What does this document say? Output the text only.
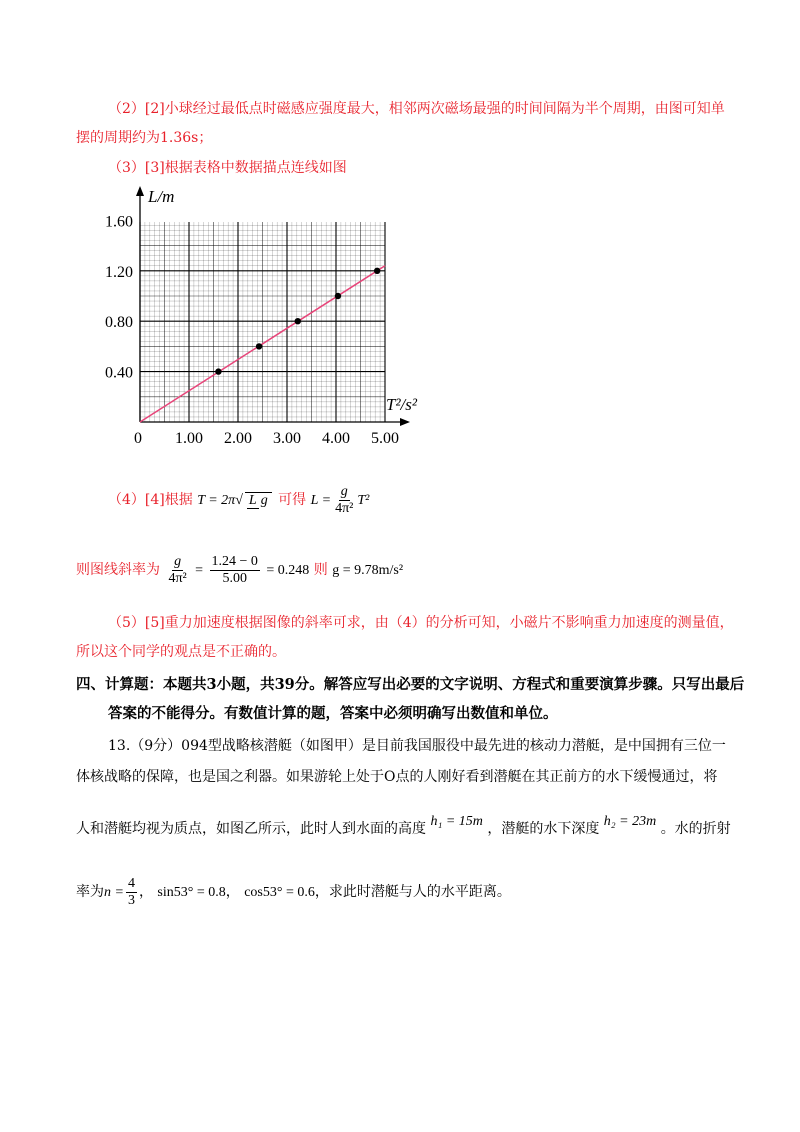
（2）[2]小球经过最低点时磁感应强度最大，相邻两次磁场最强的时间间隔为半个周期，由图可知单
摆的周期约为1.36s；
（3）[3]根据表格中数据描点连线如图
1.00 2.00 3.00 4.00 5.00
0.40
0.80
1.20
1.60
0
L/m
T²/s²
（4）[4]根据 T = 2π√ L g 可得 $L = \frac{g}{\text{4π²}} T^2$
则图线斜率为 $\frac{g}{\text{4π²}} = \frac{1.24 - 0}{5.00} = 0.248$ 则 g = 9.78m/s²
（5）[5]重力加速度根据图像的斜率可求，由（4）的分析可知，小磁片不影响重力加速度的测量值，
所以这个同学的观点是不正确的。
四、计算题：本题共3小题，共39分。解答应写出必要的文字说明、方程式和重要演算步骤。只写出最后
答案的不能得分。有数值计算的题，答案中必须明确写出数值和单位。
13.（9分）094型战略核潜艇（如图甲）是目前我国服役中最先进的核动力潜艇，是中国拥有三位一
体核战略的保障，也是国之利器。如果游轮上处于O点的人刚好看到潜艇在其正前方的水下缓慢通过，将
人和潜艇均视为质点，如图乙所示，此时人到水面的高度 h₁ = 15m ，潜艇的水下深度 h₂ = 23m 。水的折射
率为$n = \frac{4}{3}$ ， sin53° = 0.8， cos53° = 0.6，求此时潜艇与人的水平距离。
